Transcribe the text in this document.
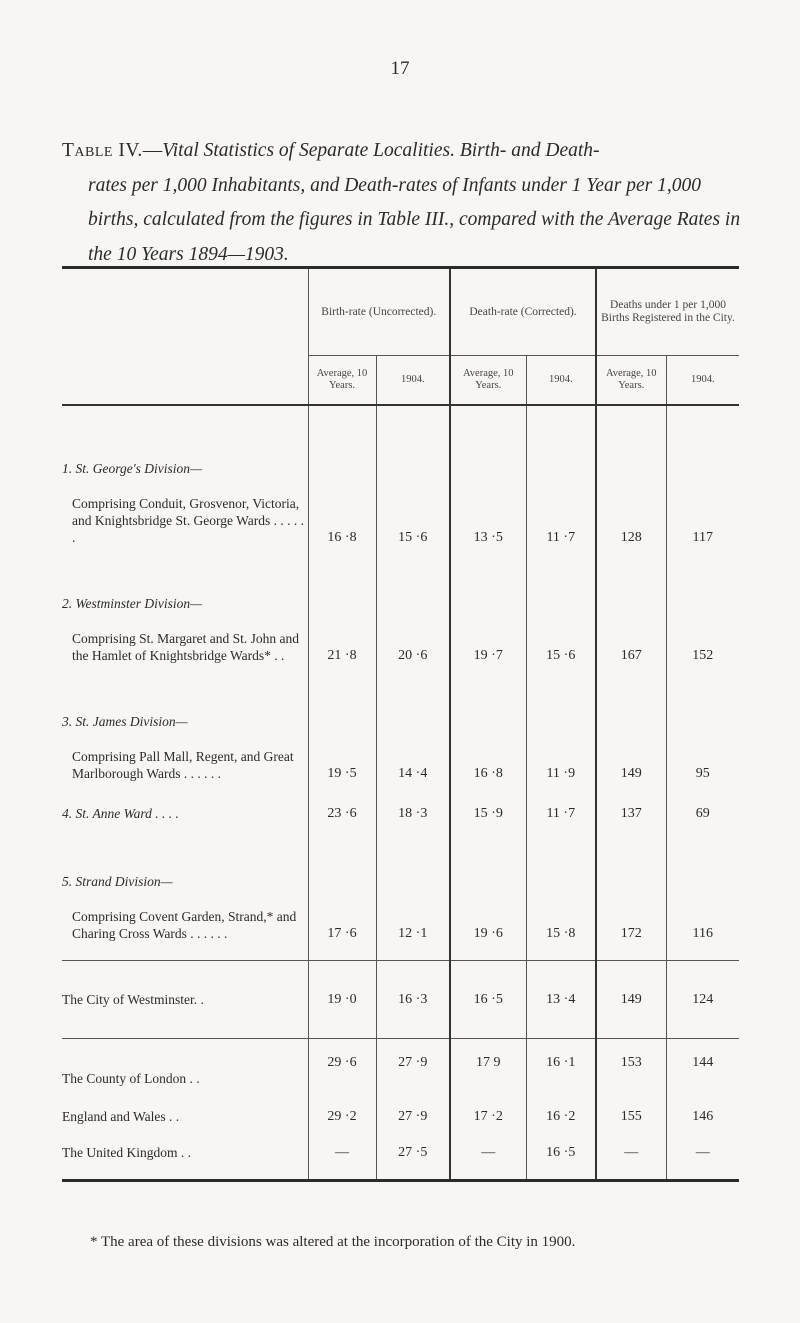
17
Table IV.—Vital Statistics of Separate Localities. Birth- and Death-
rates per 1,000 Inhabitants, and Death-rates of Infants under 1 Year per 1,000 births, calculated from the figures in Table III., compared with the Average Rates in the 10 Years 1894—1903.
	Birth-rate (Uncorrected).		Death-rate (Corrected).		Deaths under 1 per 1,000 Births Registered in the City.	
	Average, 10 Years.	1904.	Average, 10 Years.	1904.	Average, 10 Years.	1904.

1. St. George's Division—
Comprising Conduit, Grosvenor, Victoria, and Knightsbridge St. George Wards . . . . . .	16 ·8	15 ·6	13 ·5	11 ·7	128	117

2. Westminster Division—
Comprising St. Margaret and St. John and the Hamlet of Knightsbridge Wards* . .	21 ·8	20 ·6	19 ·7	15 ·6	167	152

3. St. James Division—
Comprising Pall Mall, Regent, and Great Marlborough Wards . . . . . .	19 ·5	14 ·4	16 ·8	11 ·9	149	95

4. St. Anne Ward . . . .	23 ·6	18 ·3	15 ·9	11 ·7	137	69

5. Strand Division—
Comprising Covent Garden, Strand,* and Charing Cross Wards . . . . . .	17 ·6	12 ·1	19 ·6	15 ·8	172	116

The City of Westminster. .	19 ·0	16 ·3	16 ·5	13 ·4	149	124
The County of London . .	29 ·6	27 ·9	17 9	16 ·1	153	144
England and Wales . .	29 ·2	27 ·9	17 ·2	16 ·2	155	146
The United Kingdom . .	—	27 ·5	—	16 ·5	—	—

* The area of these divisions was altered at the incorporation of the City in 1900.
